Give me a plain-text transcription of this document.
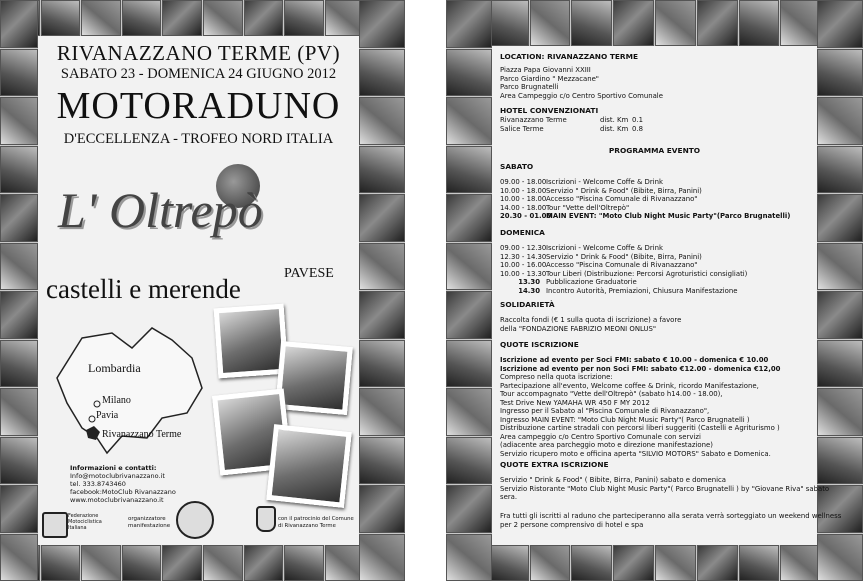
RIVANAZZANO TERME (PV)
SABATO 23 - DOMENICA 24 GIUGNO 2012
MOTORADUNO
D'ECCELLENZA - TROFEO NORD ITALIA
L' Oltrepò
PAVESE
castelli e merende
Lombardia
Milano
Pavia
Rivanazzano Terme
Informazioni e contatti:
Info@motoclubrivanazzano.it
tel. 333.8743460
facebook:MotoClub Rivanazzano
www.motoclubrivanazzano.it
Federazione
Motociclistica
Italiana
organizzatore
manifestazione
con il patrocinio del Comune
di Rivanazzano Terme
LOCATION: RIVANAZZANO TERME
Piazza Papa Giovanni XXIII
Parco Giardino " Mezzacane"
Parco Brugnatelli
Area Campeggio c/o Centro Sportivo Comunale
HOTEL CONVENZIONATI
Rivanazzano Terme	dist. Km 0.1
Salice Terme	dist. Km 0.8
PROGRAMMA EVENTO
SABATO
09.00 - 18.00 Iscrizioni - Welcome Coffe & Drink
10.00 - 18.00 Servizio " Drink & Food" (Bibite, Birra, Panini)
10.00 - 18.00 Accesso "Piscina Comunale di Rivanazzano"
14.00 - 18.00 Tour "Vette dell'Oltrepò"
20.30 - 01.00
MAIN EVENT: "Moto Club Night Music Party"(Parco Brugnatelli)
DOMENICA
09.00 - 12.30 Iscrizioni - Welcome Coffe & Drink
12.30 - 14.30 Servizio " Drink & Food" (Bibite, Birra, Panini)
10.00 - 16.00 Accesso "Piscina Comunale di Rivanazzano"
10.00 - 13.30 Tour Liberi (Distribuzione: Percorsi Agroturistici consigliati)
13.30 Pubblicazione Graduatorie
14.30 Incontro Autorità, Premiazioni, Chiusura Manifestazione
SOLIDARIETÀ
Raccolta fondi (€ 1 sulla quota di iscrizione) a favore
della "FONDAZIONE FABRIZIO MEONI ONLUS"
QUOTE ISCRIZIONE
Iscrizione ad evento per Soci FMI: sabato € 10.00 - domenica € 10.00
Iscrizione ad evento per non Soci FMI: sabato €12.00 - domenica €12,00
Compreso nella quota iscrizione:
Partecipazione all'evento, Welcome coffee & Drink, ricordo Manifestazione,
Tour accompagnato "Vette dell'Oltrepò" (sabato h14.00 - 18.00),
Test Drive New YAMAHA WR 450 F MY 2012
Ingresso per il Sabato al "Piscina Comunale di Rivanazzano",
Ingresso MAIN EVENT: "Moto Club Night Music Party"( Parco Brugnatelli )
Distribuzione cartine stradali con percorsi liberi suggeriti (Castelli e Agriturismo )
Area campeggio c/o Centro Sportivo Comunale con servizi
(adiacente area parcheggio moto e direzione manifestazione)
Servizio ricupero moto e officina aperta "SILVIO MOTORS" Sabato e Domenica.
QUOTE EXTRA ISCRIZIONE
Servizio " Drink & Food" ( Bibite, Birra, Panini) sabato e domenica
Servizio Ristorante "Moto Club Night Music Party"( Parco Brugnatelli ) by "Giovane Riva" sabato
sera.
Fra tutti gli iscritti al raduno che parteciperanno alla serata verrà sorteggiato un weekend wellness
per 2 persone comprensivo di hotel e spa
